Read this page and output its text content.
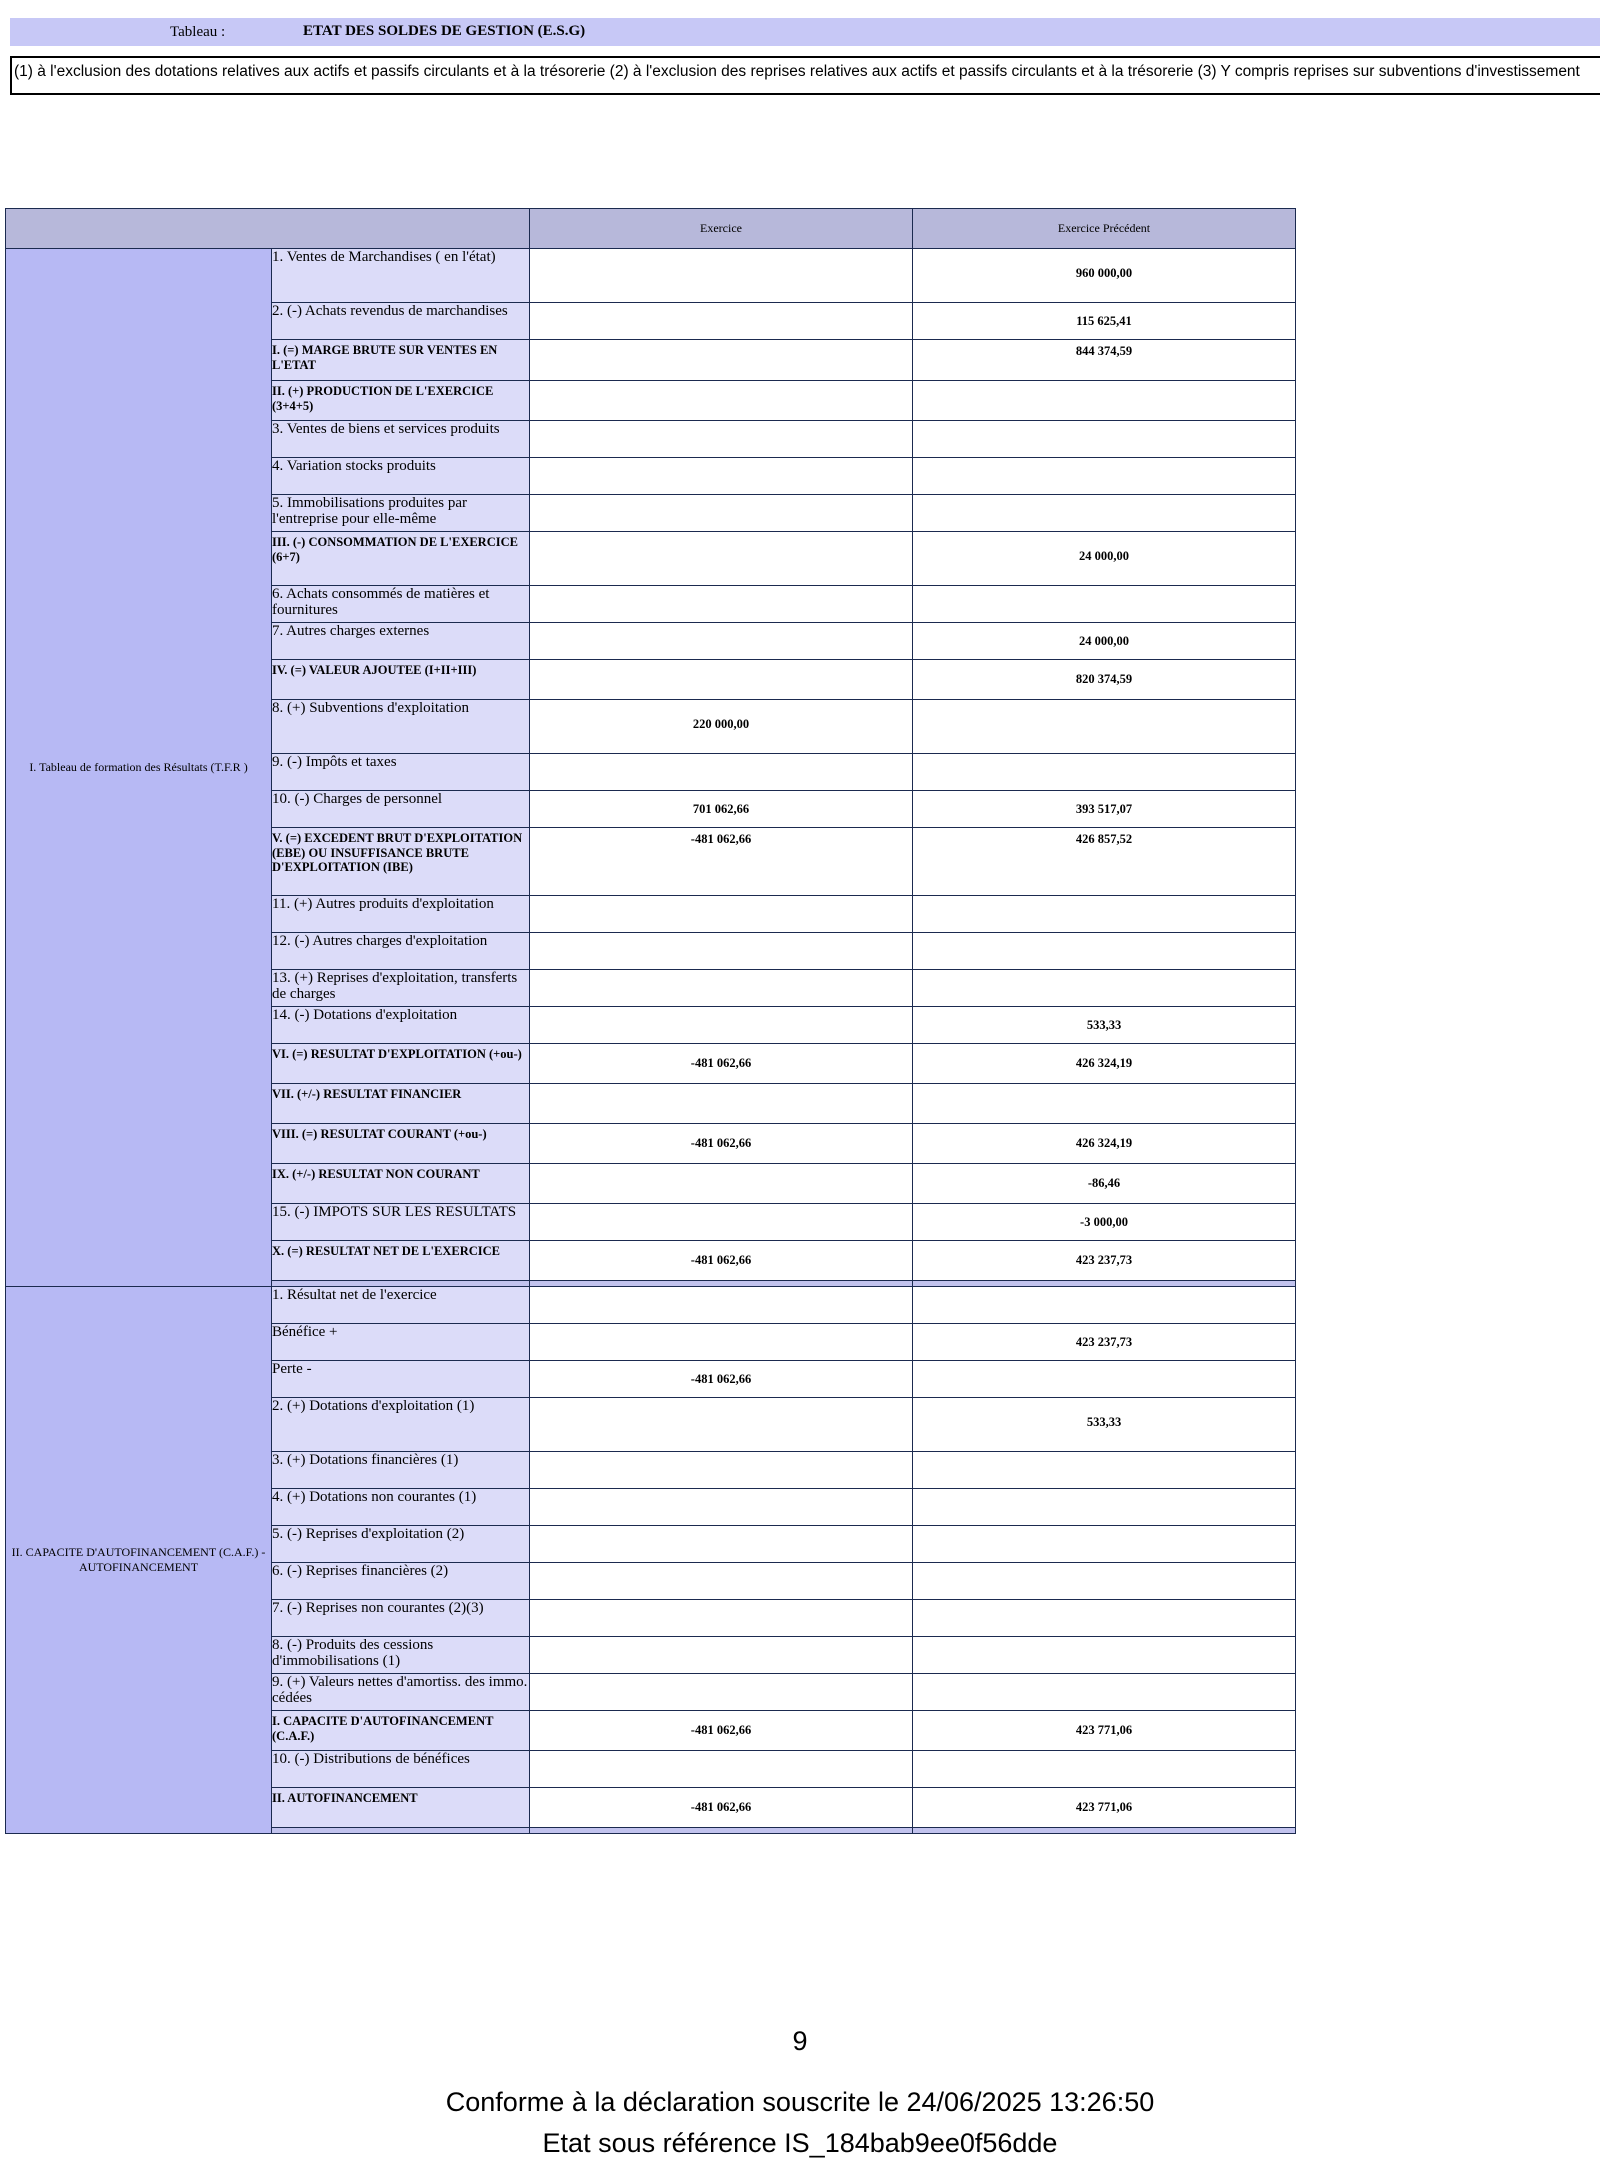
Tableau :	ETAT DES SOLDES DE GESTION (E.S.G)
(1) à l'exclusion des dotations relatives aux actifs et passifs circulants et à la trésorerie (2) à l'exclusion des reprises relatives aux actifs et passifs circulants et à la trésorerie (3) Y compris reprises sur subventions d'investissement
		Exercice	Exercice Précédent
I. Tableau de formation des Résultats (T.F.R )	1. Ventes de Marchandises ( en l'état)		960 000,00
	2. (-) Achats revendus de marchandises		115 625,41
	I. (=) MARGE BRUTE SUR VENTES EN L'ETAT		844 374,59
	II. (+) PRODUCTION DE L'EXERCICE (3+4+5)		
	3. Ventes de biens et services produits		
	4. Variation stocks produits		
	5. Immobilisations produites par l'entreprise pour elle-même		
	III. (-) CONSOMMATION DE L'EXERCICE (6+7)		24 000,00
	6. Achats consommés de matières et fournitures		
	7. Autres charges externes		24 000,00
	IV. (=) VALEUR AJOUTEE (I+II+III)		820 374,59
	8. (+) Subventions d'exploitation	220 000,00	
	9. (-) Impôts et taxes		
	10. (-) Charges de personnel	701 062,66	393 517,07
	V. (=) EXCEDENT BRUT D'EXPLOITATION (EBE) OU INSUFFISANCE BRUTE D'EXPLOITATION (IBE)	-481 062,66	426 857,52
	11. (+) Autres produits d'exploitation		
	12. (-) Autres charges d'exploitation		
	13. (+) Reprises d'exploitation, transferts de charges		
	14. (-) Dotations d'exploitation		533,33
	VI. (=) RESULTAT D'EXPLOITATION (+ou-)	-481 062,66	426 324,19
	VII. (+/-) RESULTAT FINANCIER		
	VIII. (=) RESULTAT COURANT (+ou-)	-481 062,66	426 324,19
	IX. (+/-) RESULTAT NON COURANT		-86,46
	15. (-) IMPOTS SUR LES RESULTATS		-3 000,00
	X. (=) RESULTAT NET DE L'EXERCICE	-481 062,66	423 237,73

II. CAPACITE D'AUTOFINANCEMENT (C.A.F.) - AUTOFINANCEMENT	1. Résultat net de l'exercice		
	Bénéfice +		423 237,73
	Perte -	-481 062,66	
	2. (+) Dotations d'exploitation (1)		533,33
	3. (+) Dotations financières (1)		
	4. (+) Dotations non courantes (1)		
	5. (-) Reprises d'exploitation (2)		
	6. (-) Reprises financières (2)		
	7. (-) Reprises non courantes (2)(3)		
	8. (-) Produits des cessions d'immobilisations (1)		
	9. (+) Valeurs nettes d'amortiss. des immo. cédées		
	I. CAPACITE D'AUTOFINANCEMENT (C.A.F.)	-481 062,66	423 771,06
	10. (-) Distributions de bénéfices		
	II. AUTOFINANCEMENT	-481 062,66	423 771,06

9
Conforme à la déclaration souscrite le 24/06/2025 13:26:50
Etat sous référence IS_184bab9ee0f56dde
